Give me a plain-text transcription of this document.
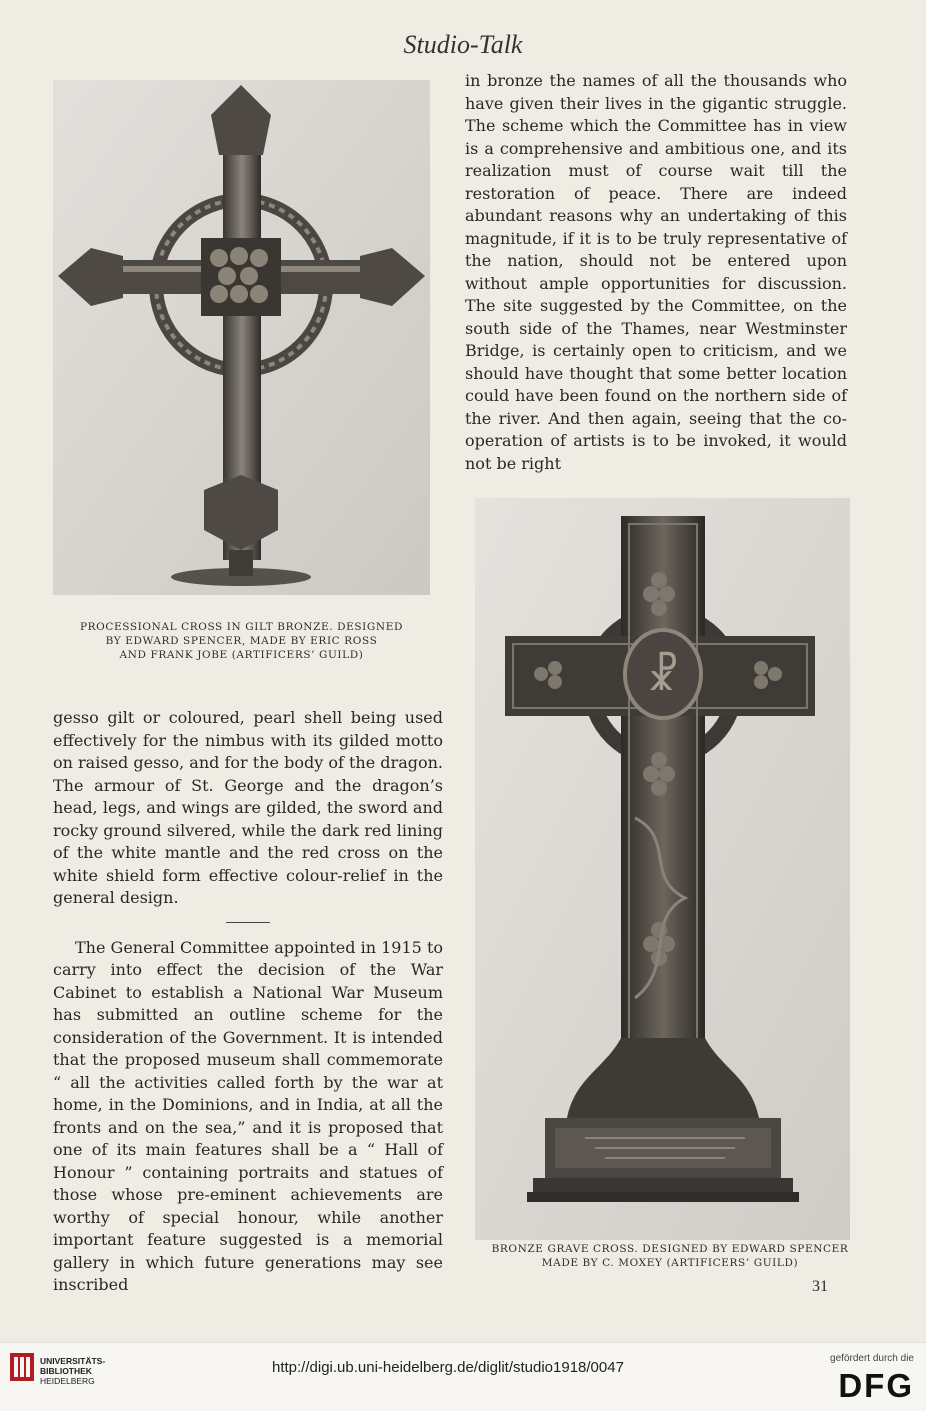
Studio-Talk
PROCESSIONAL CROSS IN GILT BRONZE. DESIGNED
BY EDWARD SPENCER, MADE BY ERIC ROSS
AND FRANK JOBE (ARTIFICERS’ GUILD)

in bronze the names of all the thousands who have given their lives in the gigantic struggle. The scheme which the Committee has in view is a comprehensive and ambitious one, and its realization must of course wait till the restoration of peace. There are indeed abundant reasons why an undertaking of this magnitude, if it is to be truly representative of the nation, should not be entered upon without ample opportunities for discussion. The site suggested by the Committee, on the south side of the Thames, near Westminster Bridge, is certainly open to criticism, and we should have thought that some better location could have been found on the northern side of the river. And then again, seeing that the co-operation of artists is to be invoked, it would not be right

☧
BRONZE GRAVE CROSS. DESIGNED BY EDWARD SPENCER
MADE BY C. MOXEY (ARTIFICERS’ GUILD)

gesso gilt or coloured, pearl shell being used effectively for the nimbus with its gilded motto on raised gesso, and for the body of the dragon. The armour of St. George and the dragon’s head, legs, and wings are gilded, the sword and rocky ground silvered, while the dark red lining of the white mantle and the red cross on the white shield form effective colour-relief in the general design.

The General Committee appointed in 1915 to carry into effect the decision of the War Cabinet to establish a National War Museum has submitted an outline scheme for the consideration of the Government. It is intended that the proposed museum shall commemorate “ all the activities called forth by the war at home, in the Dominions, and in India, at all the fronts and on the sea,” and it is proposed that one of its main features shall be a “ Hall of Honour ” containing portraits and statues of those whose pre-eminent achievements are worthy of special honour, while another important feature suggested is a memorial gallery in which future generations may see inscribed	31
UNIVERSITÄTS-
BIBLIOTHEK
HEIDELBERG
http://digi.ub.uni-heidelberg.de/diglit/studio1918/0047
gefördert durch die
DFG
